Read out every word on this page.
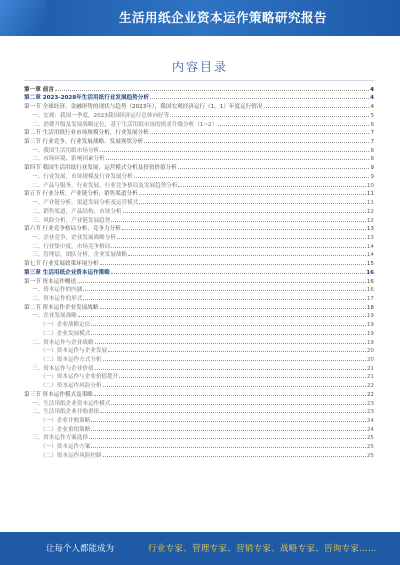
生活用纸企业资本运作策略研究报告
内容目录
第一章 前言	4
第二章 2023-2028年生活用纸行业发展趋势分析	4
第一节 全球经济、金融形势的现状与趋势（2023年），我国宏观经济运行（1、1）年度运行情况	4
一、宏观：我国一季度，2023我国经济运行总体向好等	5
二、消费升级及发展战略定位，基于生活用纸市场的需求升级分析（1~2）	6
第二节 生活用纸行业市场规模分析，行业发展分析	7
第三节 行业竞争、行业发展战略、发展现状分析	7
一、我国生活用纸市场分析	8
二、市场环境、影响因素分析	8
第四节 我国生活用纸行业发展，运营模式分析及投资价值分析	9
一、行业发展，市场规模及行业发展分析	9
二、产品与服务，行业发展、行业竞争格局及发展趋势分析	10
第五节 行业分析，产业链分析，销售渠道分析	11
一、产业链分析，渠道发展分析及运营模式	11
二、销售渠道，产品结构，市场分析	12
三、风险分析，产业链发展趋势	12
第六节 行业竞争格局分析，竞争力分析	13
一、企业竞争，企业发展战略分析	13
二、行业集中度，市场竞争格局	14
三、管理层，团队分析，企业发展战略	14
第七节 行业发展政策环境分析	15
第三章 生活用纸企业资本运作策略	16
第一节 资本运作概述	16
一、资本运作的内涵	16
二、资本运作的形式	17
第二节 资本运作企业发展战略	18
一、企业发展战略	19
（一）企业战略定位	19
（二）企业发展模式	19
二、资本运作与企业战略	19
（一）资本运作与企业发展	20
（二）资本运作方式分析	20
三、资本运作与企业价值	21
（一）资本运作与企业价值提升	21
（二）资本运作风险分析	22
第三节 资本运作模式及策略	22
一、生活用纸企业资本运作模式	23
二、生活用纸企业并购重组	23
（一）企业并购策略	24
（二）企业重组策略	24
三、资本运作方案选择	25
（一）资本运作方案	25
（二）资本运作风险控制	25
让每个人都能成为	行业专家、管理专家、营销专家、战略专家、咨询专家……
